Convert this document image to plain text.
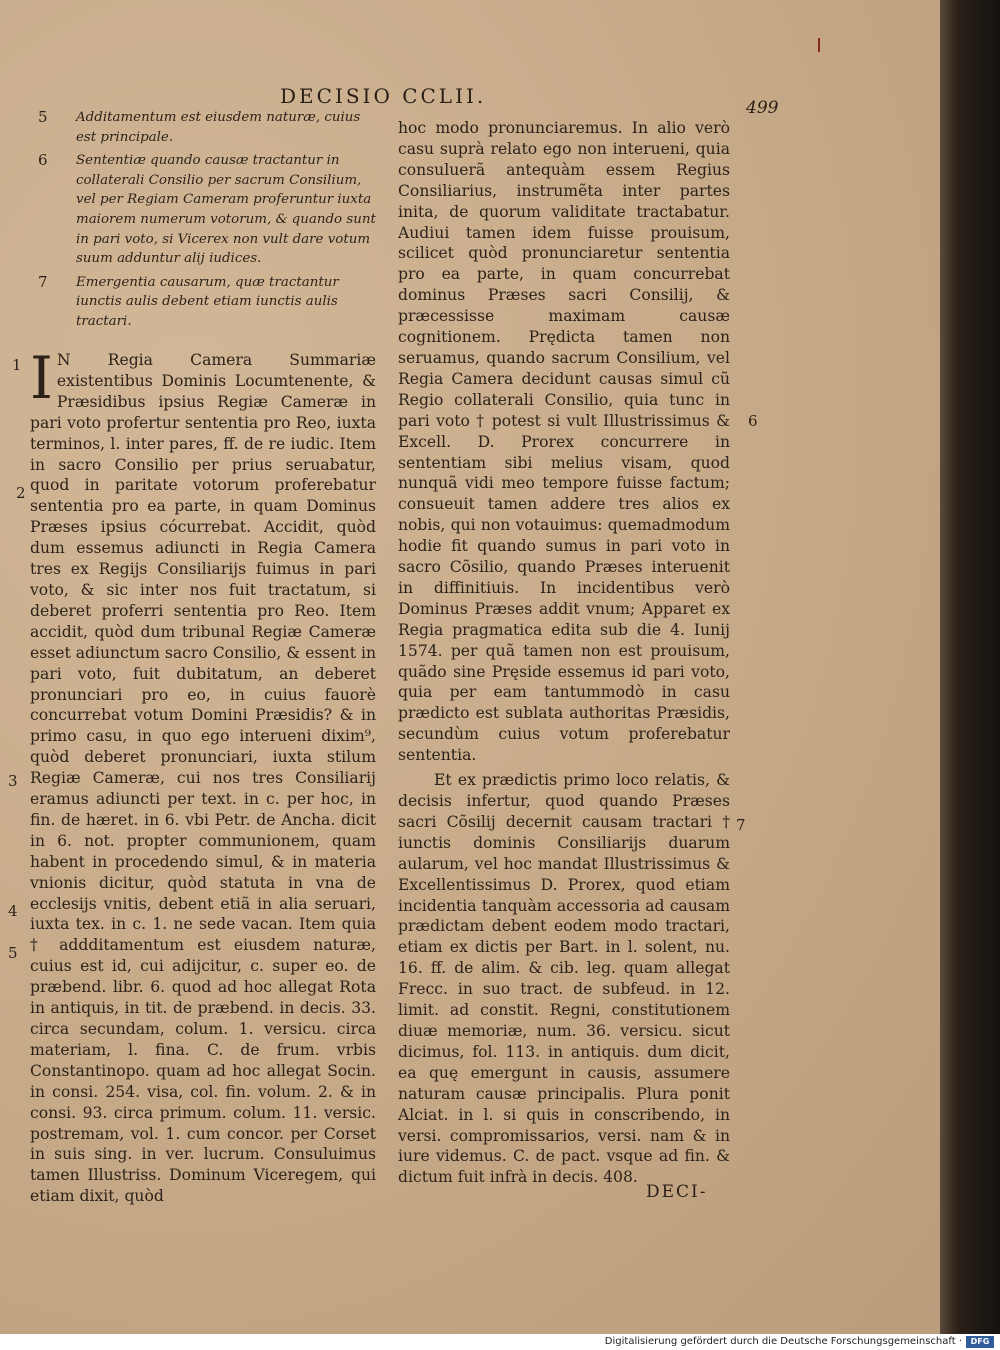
DECISIO CCLII.	499
5 Additamentum est eiusdem naturæ, cuius est principale.
6 Sententiæ quando causæ tractantur in collaterali Consilio per sacrum Consilium, vel per Regiam Cameram proferuntur iuxta maiorem numerum votorum, & quando sunt in pari voto, si Vicerex non vult dare votum suum adduntur alij iudices.
7 Emergentia causarum, quæ tractantur iunctis aulis debent etiam iunctis aulis tractari.
I N Regia Camera Summariæ existentibus Dominis Locumtenente, & Præsidibus ipsius Regiæ Cameræ in pari voto profertur sententia pro Reo, iuxta terminos, l. inter pares, ff. de re iudic. Item in sacro Consilio per prius seruabatur, quod in paritate votorum proferebatur sententia pro ea parte, in quam Dominus Præses ipsius cócurrebat. Accidit, quòd dum essemus adiuncti in Regia Camera tres ex Regijs Consiliarijs fuimus in pari voto, & sic inter nos fuit tractatum, si deberet proferri sententia pro Reo. Item accidit, quòd dum tribunal Regiæ Cameræ esset adiunctum sacro Consilio, & essent in pari voto, fuit dubitatum, an deberet pronunciari pro eo, in cuius fauorè concurrebat votum Domini Præsidis? & in primo casu, in quo ego interueni dixim⁹, quòd deberet pronunciari, iuxta stilum Regiæ Cameræ, cui nos tres Consiliarij eramus adiuncti per text. in c. per hoc, in fin. de hæret. in 6. vbi Petr. de Ancha. dicit in 6. not. propter communionem, quam habent in procedendo simul, & in materia vnionis dicitur, quòd statuta in vna de ecclesijs vnitis, debent etiã in alia seruari, iuxta tex. in c. 1. ne sede vacan. Item quia † addditamentum est eiusdem naturæ, cuius est id, cui adijcitur, c. super eo. de præbend. libr. 6. quod ad hoc allegat Rota in antiquis, in tit. de præbend. in decis. 33. circa secundam, colum. 1. versicu. circa materiam, l. fina. C. de frum. vrbis Constantinopo. quam ad hoc allegat Socin. in consi. 254. visa, col. fin. volum. 2. & in consi. 93. circa primum. colum. 11. versic. postremam, vol. 1. cum concor. per Corset in suis sing. in ver. lucrum. Consuluimus tamen Illustriss. Dominum Viceregem, qui etiam dixit, quòd

hoc modo pronunciaremus. In alio verò casu suprà relato ego non interueni, quia consuluerã antequàm essem Regius Consiliarius, instrumẽta inter partes inita, de quorum validitate tractabatur. Audiui tamen idem fuisse prouisum, scilicet quòd pronunciaretur sententia pro ea parte, in quam concurrebat dominus Præses sacri Consilij, & præcessisse maximam causæ cognitionem. Prędicta tamen non seruamus, quando sacrum Consilium, vel Regia Camera decidunt causas simul cũ Regio collaterali Consilio, quia tunc in pari voto † potest si vult Illustrissimus & Excell. D. Prorex concurrere in sententiam sibi melius visam, quod nunquã vidi meo tempore fuisse factum; consueuit tamen addere tres alios ex nobis, qui non votauimus: quemadmodum hodie fit quando sumus in pari voto in sacro Cõsilio, quando Præses interuenit in diffinitiuis. In incidentibus verò Dominus Præses addit vnum; Apparet ex Regia pragmatica edita sub die 4. Iunij 1574. per quã tamen non est prouisum, quãdo sine Pręside essemus id pari voto, quia per eam tantummodò in casu prædicto est sublata authoritas Præsidis, secundùm cuius votum proferebatur sententia.

Et ex prædictis primo loco relatis, & decisis infertur, quod quando Præses sacri Cõsilij decernit causam tractari † iunctis dominis Consiliarijs duarum aularum, vel hoc mandat Illustrissimus & Excellentissimus D. Prorex, quod etiam incidentia tanquàm accessoria ad causam prædictam debent eodem modo tractari, etiam ex dictis per Bart. in l. solent, nu. 16. ff. de alim. & cib. leg. quam allegat Frecc. in suo tract. de subfeud. in 12. limit. ad constit. Regni, constitutionem diuæ memoriæ, num. 36. versicu. sicut dicimus, fol. 113. in antiquis. dum dicit, ea quę emergunt in causis, assumere naturam causæ principalis. Plura ponit Alciat. in l. si quis in conscribendo, in versi. compromissarios, versi. nam & in iure videmus. C. de pact. vsque ad fin. & dictum fuit infrà in decis. 408.

1
2
3
4
5
6
7
DECI-
Digitalisierung gefördert durch die Deutsche Forschungsgemeinschaft ·	DFG
